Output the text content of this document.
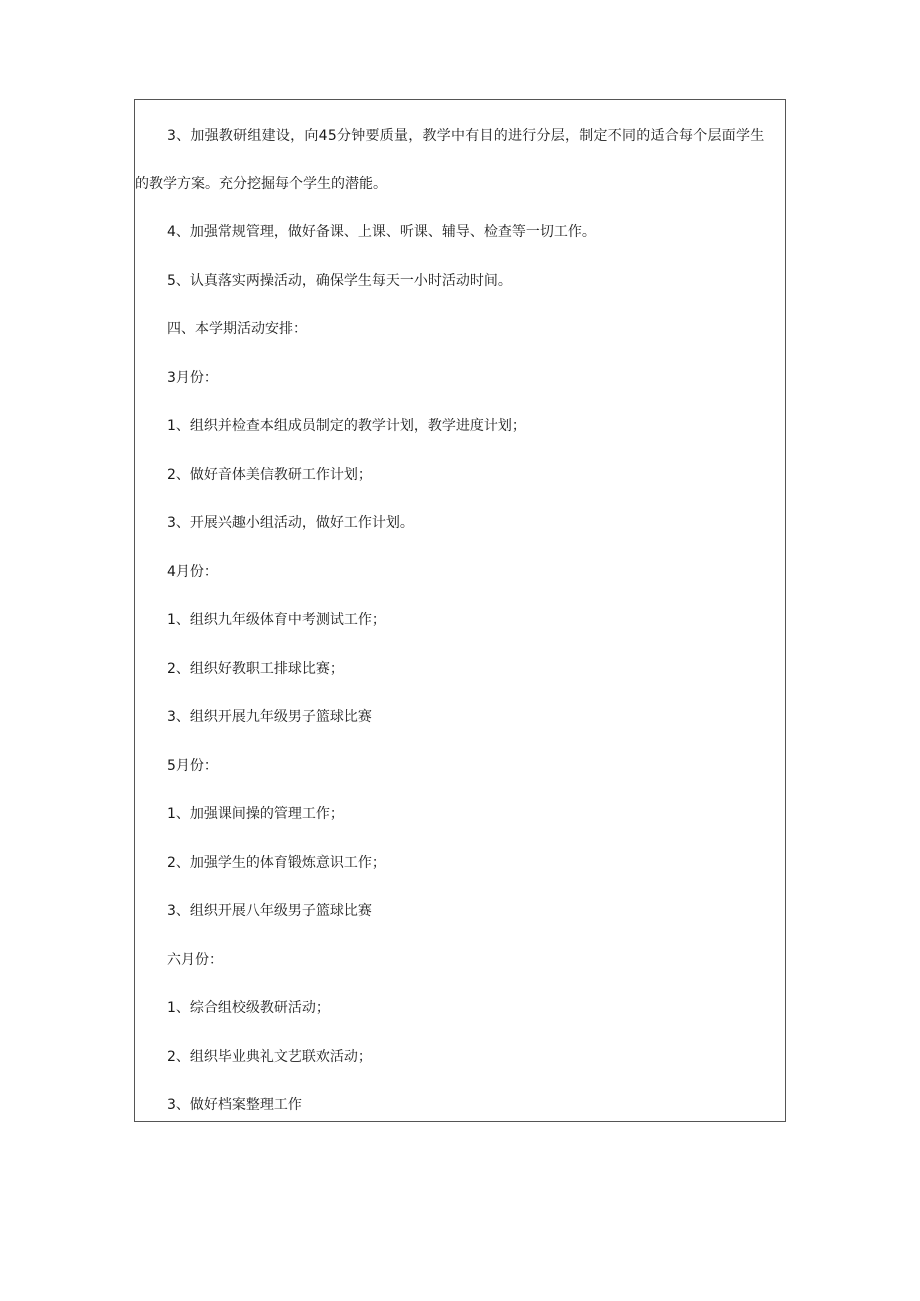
3、加强教研组建设，向45分钟要质量，教学中有目的进行分层，制定不同的适合每个层面学生
的教学方案。充分挖掘每个学生的潜能。
4、加强常规管理，做好备课、上课、听课、辅导、检查等一切工作。
5、认真落实两操活动，确保学生每天一小时活动时间。
四、本学期活动安排：
3月份：
1、组织并检查本组成员制定的教学计划，教学进度计划；
2、做好音体美信教研工作计划；
3、开展兴趣小组活动，做好工作计划。
4月份：
1、组织九年级体育中考测试工作；
2、组织好教职工排球比赛；
3、组织开展九年级男子篮球比赛
5月份：
1、加强课间操的管理工作；
2、加强学生的体育锻炼意识工作；
3、组织开展八年级男子篮球比赛
六月份：
1、综合组校级教研活动；
2、组织毕业典礼文艺联欢活动；
3、做好档案整理工作
